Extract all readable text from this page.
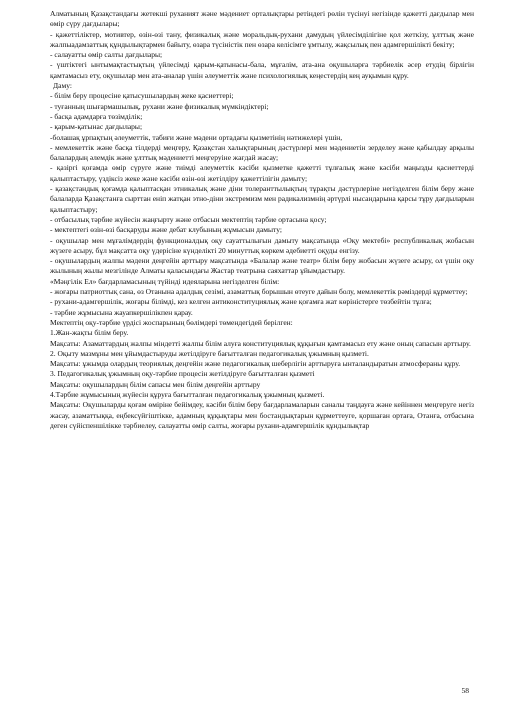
Алматының Қазақстандағы жетекші руханият және мәдениет орталықтары ретіндегі рөлін түсінуі негізінде қажетті дағдылар мен өмір сүру дағдылары;

- қажеттіліктер, мотивтер, өзін-өзі тану, физикалық және моральдық-рухани дамудың үйлесімділігіне қол жеткізу, ұлттық және жалпыадамзаттық құндылықтармен байыту, өзара түсіністік пен өзара келісімге ұмтылу, жақсылық пен адамгершілікті бекіту;

- салауатты өмір салты дағдылары;

- үштіктегі ынтымақтастықтың үйлесімді қарым-қатынасы-бала, мұғалім, ата-ана оқушыларға тәрбиелік әсер етудің бірлігін қамтамасыз ету, оқушылар мен ата-аналар үшін әлеуметтік және психологиялық кеңестердің кең ауқымын құру.

Даму:

- білім беру процесіне қатысушылардың жеке қасиеттері;

- туғанның шығармашылық, рухани және физикалық мүмкіндіктері;

- басқа адамдарға төзімділік;

- қарым-қатынас дағдылары;

-болашақ ұрпақтың әлеуметтік, табиғи және мәдени ортадағы қызметінің нәтижелері үшін,

- мемлекеттік және басқа тілдерді меңгеру, Қазақстан халықтарының дәстүрлері мен мәдениетін зерделеу және қабылдау арқылы балалардың әлемдік және ұлттық мәдениетті меңгеруіне жағдай жасау;

- қазіргі қоғамда өмір сүруге және тиімді әлеуметтік кәсіби қызметке қажетті тұлғалық және кәсіби маңызды қасиеттерді қалыптастыру, үздіксіз жеке және кәсіби өзін-өзі жетілдіру қажеттілігін дамыту;

- қазақстандық қоғамда қалыптасқан этникалық және діни толеранттылықтың тұрақты дәстүрлеріне негізделген білім беру және балаларда Қазақстанға сырттан еніп жатқан этно-діни экстремизм мен радикализмнің әртүрлі нысандарына қарсы тұру дағдыларын қалыптастыру;

- отбасылық тәрбие жүйесін жаңғырту және отбасын мектептің тәрбие ортасына қосу;

- мектептегі өзін-өзі басқаруды және дебат клубының жұмысын дамыту;

- оқушылар мен мұғалімдердің функционалдық оқу сауаттылығын дамыту мақсатында «Оқу мектебі» республикалық жобасын жүзеге асыру, бұл мақсатта оқу үдерісіне күнделікті 20 минуттық көркем әдебиетті оқуды енгізу.

- оқушылардың жалпы мәдени деңгейін арттыру мақсатында «Балалар және театр» білім беру жобасын жүзеге асыру, ол үшін оқу жылының жылы мезгілінде Алматы қаласындағы Жастар театрына саяхаттар ұйымдастыру.

«Мәңгілік Ел» бағдарламасының түйінді идеяларына негізделген білім:

- жоғары патриоттық сана, өз Отанына адалдық сезімі, азаматтық борышын өтеуге дайын болу, мемлекеттік рәміздерді құрметтеу;

- рухани-адамгершілік, жоғары білімді, кез келген антиконституциялық және қоғамға жат көріністерге төзбейтін тұлға;

- тәрбие жұмысына жауапкершілікпен қарау.

Мектептің оқу-тәрбие үрдісі жоспарының бөлімдері төмендегідей берілген:

1.Жан-жақты білім беру.

Мақсаты: Азаматтардың жалпы міндетті жалпы білім алуға конституциялық құқығын қамтамасыз ету және оның сапасын арттыру.

2. Оқыту мазмұны мен ұйымдастыруды жетілдіруге бағытталған педагогикалық ұжымның қызметі.

Мақсаты: ұжымда олардың теориялық деңгейін және педагогикалық шеберлігін арттыруға ынталандыратын атмосфераны құру.

3. Педагогикалық ұжымның оқу-тәрбие процесін жетілдіруге бағытталған қызметі

Мақсаты: оқушылардың білім сапасы мен білім деңгейін арттыру

4.Тәрбие жұмысының жүйесін құруға бағытталған педагогикалық ұжымның қызметі.

Мақсаты: Оқушыларды қоғам өміріне бейімдеу, кәсіби білім беру бағдарламаларын саналы таңдауға және кейіннен меңгеруге негіз жасау, азаматтыққа, еңбексүйгіштікке, адамның құқықтары мен бостандықтарын құрметтеуге, қоршаған ортаға, Отанға, отбасына деген сүйіспеншілікке тәрбиелеу, салауатты өмір салты, жоғары рухани-адамгершілік құндылықтар

58
